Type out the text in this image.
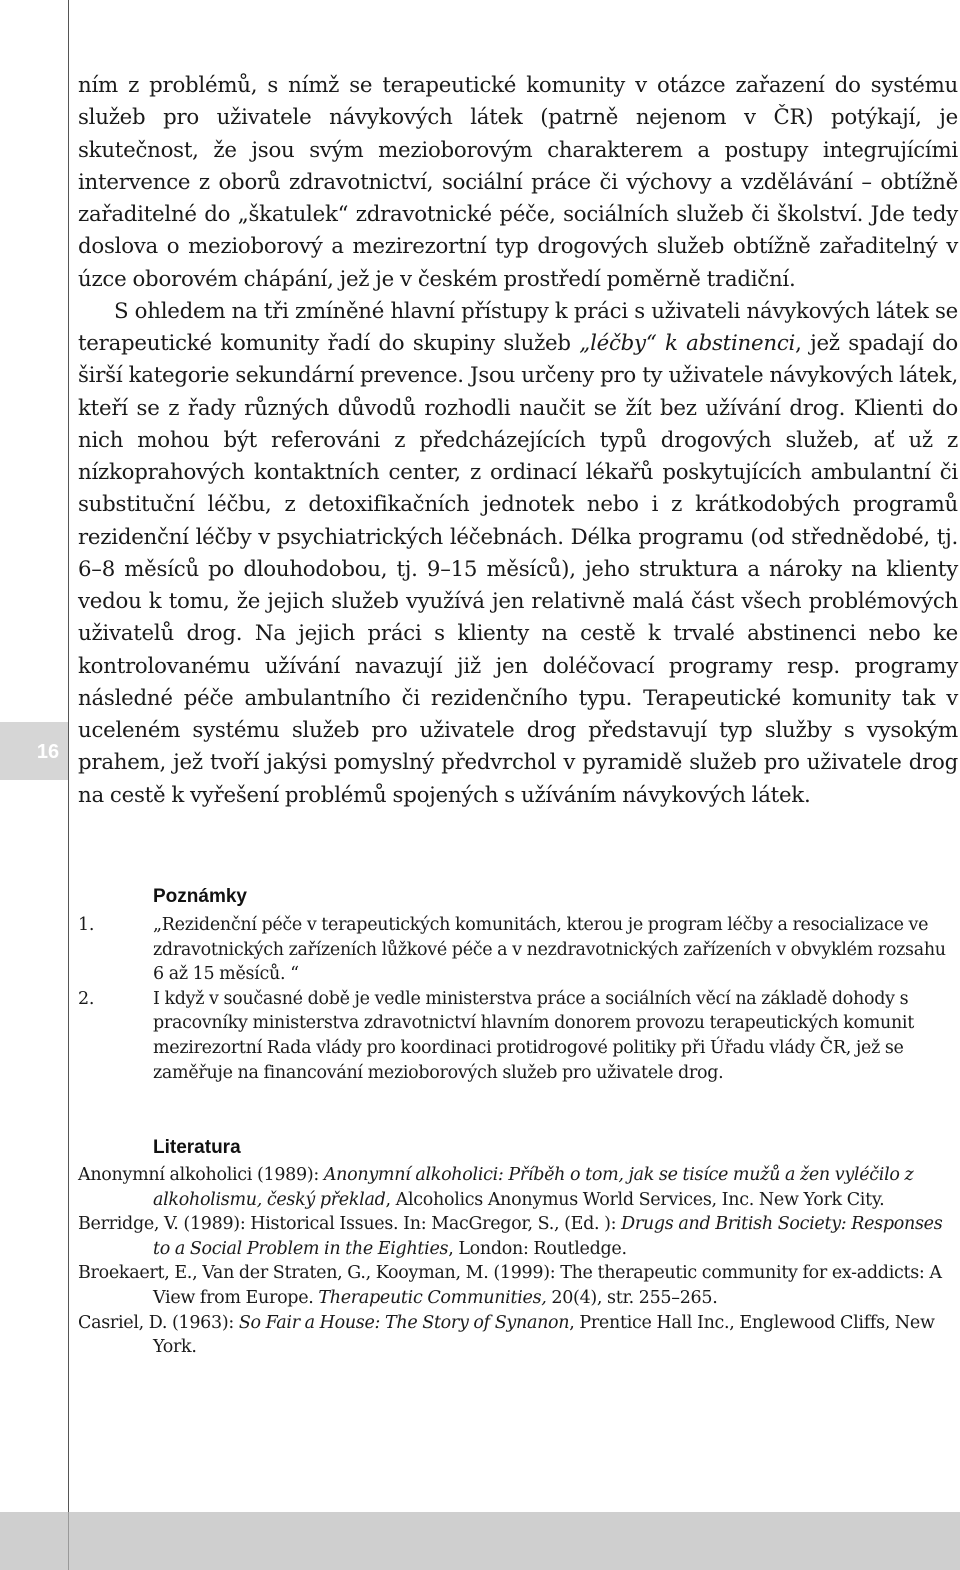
16

ním z problémů, s nímž se terapeutické komunity v otázce zařazení do systému služeb pro uživatele návykových látek (patrně nejenom v ČR) potýkají, je skutečnost, že jsou svým mezioborovým charakterem a postupy integrujícími intervence z oborů zdravotnictví, sociální práce či výchovy a vzdělávání – obtížně zařaditelné do „škatulek“ zdravotnické péče, sociálních služeb či školství. Jde tedy doslova o mezioborový a mezirezortní typ drogových služeb obtížně zařaditelný v úzce oborovém chápání, jež je v českém prostředí poměrně tradiční.

S ohledem na tři zmíněné hlavní přístupy k práci s uživateli návykových látek se terapeutické komunity řadí do skupiny služeb „léčby“ k abstinenci, jež spadají do širší kategorie sekundární prevence. Jsou určeny pro ty uživatele návykových látek, kteří se z řady různých důvodů rozhodli naučit se žít bez užívání drog. Klienti do nich mohou být referováni z předcházejících typů drogových služeb, ať už z nízkoprahových kontaktních center, z ordinací lékařů poskytujících ambulantní či substituční léčbu, z detoxifikačních jednotek nebo i z krátkodobých programů rezidenční léčby v psychiatrických léčebnách. Délka programu (od střednědobé, tj. 6–8 měsíců po dlouhodobou, tj. 9–15 měsíců), jeho struktura a nároky na klienty vedou k tomu, že jejich služeb využívá jen relativně malá část všech problémových uživatelů drog. Na jejich práci s klienty na cestě k trvalé abstinenci nebo ke kontrolovanému užívání navazují již jen doléčovací programy resp. programy následné péče ambulantního či rezidenčního typu. Terapeutické komunity tak v uceleném systému služeb pro uživatele drog představují typ služby s vysokým prahem, jež tvoří jakýsi pomyslný předvrchol v pyramidě služeb pro uživatele drog na cestě k vyřešení problémů spojených s užíváním návykových látek.

Poznámky

1.	„Rezidenční péče v terapeutických komunitách, kterou je program léčby a resocializace ve zdravotnických zařízeních lůžkové péče a v nezdravotnických zařízeních v obvyklém rozsahu 6 až 15 měsíců. “

2.	I když v současné době je vedle ministerstva práce a sociálních věcí na základě dohody s pracovníky ministerstva zdravotnictví hlavním donorem provozu terapeutických komunit mezirezortní Rada vlády pro koordinaci protidrogové politiky při Úřadu vlády ČR, jež se zaměřuje na financování mezioborových služeb pro uživatele drog.

Literatura

Anonymní alkoholici (1989): Anonymní alkoholici: Příběh o tom, jak se tisíce mužů a žen vyléčilo z alkoholismu, český překlad, Alcoholics Anonymus World Services, Inc. New York City.

Berridge, V. (1989): Historical Issues. In: MacGregor, S., (Ed. ): Drugs and British Society: Responses to a Social Problem in the Eighties, London: Routledge.

Broekaert, E., Van der Straten, G., Kooyman, M. (1999): The therapeutic community for ex-addicts: A View from Europe. Therapeutic Communities, 20(4), str. 255–265.

Casriel, D. (1963): So Fair a House: The Story of Synanon, Prentice Hall Inc., Englewood Cliffs, New York.
